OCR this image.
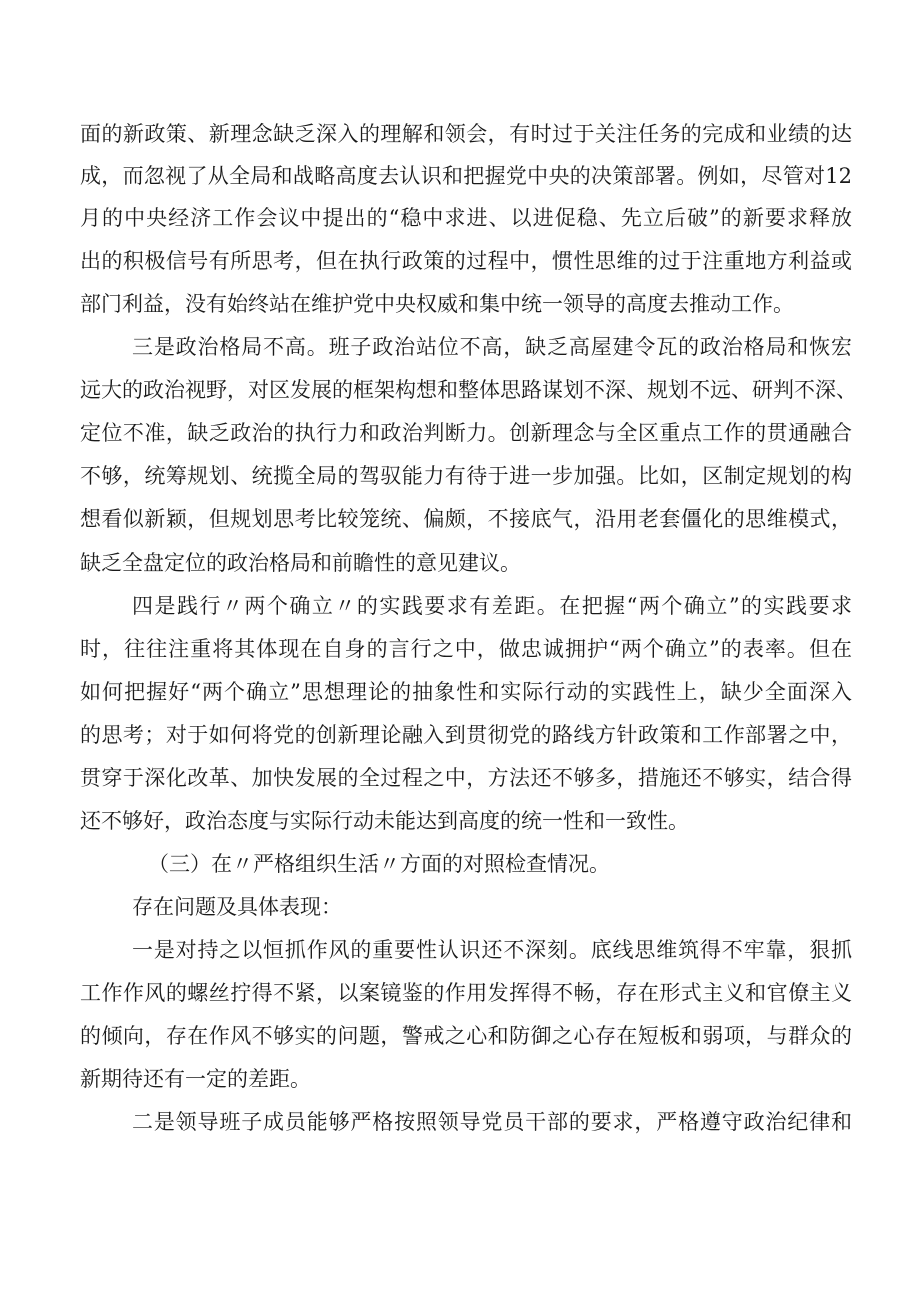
面的新政策、新理念缺乏深入的理解和领会，有时过于关注任务的完成和业绩的达
成，而忽视了从全局和战略高度去认识和把握党中央的决策部署。例如，尽管对12
月的中央经济工作会议中提出的“稳中求进、以进促稳、先立后破”的新要求释放
出的积极信号有所思考，但在执行政策的过程中，惯性思维的过于注重地方利益或
部门利益，没有始终站在维护党中央权威和集中统一领导的高度去推动工作。
三是政治格局不高。班子政治站位不高，缺乏高屋建令瓦的政治格局和恢宏
远大的政治视野，对区发展的框架构想和整体思路谋划不深、规划不远、研判不深、
定位不准，缺乏政治的执行力和政治判断力。创新理念与全区重点工作的贯通融合
不够，统筹规划、统揽全局的驾驭能力有待于进一步加强。比如，区制定规划的构
想看似新颖，但规划思考比较笼统、偏颇，不接底气，沿用老套僵化的思维模式，
缺乏全盘定位的政治格局和前瞻性的意见建议。
四是践行〃两个确立〃的实践要求有差距。在把握“两个确立”的实践要求
时，往往注重将其体现在自身的言行之中，做忠诚拥护“两个确立”的表率。但在
如何把握好“两个确立”思想理论的抽象性和实际行动的实践性上，缺少全面深入
的思考；对于如何将党的创新理论融入到贯彻党的路线方针政策和工作部署之中，
贯穿于深化改革、加快发展的全过程之中，方法还不够多，措施还不够实，结合得
还不够好，政治态度与实际行动未能达到高度的统一性和一致性。
（三）在〃严格组织生活〃方面的对照检查情况。
存在问题及具体表现：
一是对持之以恒抓作风的重要性认识还不深刻。底线思维筑得不牢靠，狠抓
工作作风的螺丝拧得不紧，以案镜鉴的作用发挥得不畅，存在形式主义和官僚主义
的倾向，存在作风不够实的问题，警戒之心和防御之心存在短板和弱项，与群众的
新期待还有一定的差距。
二是领导班子成员能够严格按照领导党员干部的要求，严格遵守政治纪律和
